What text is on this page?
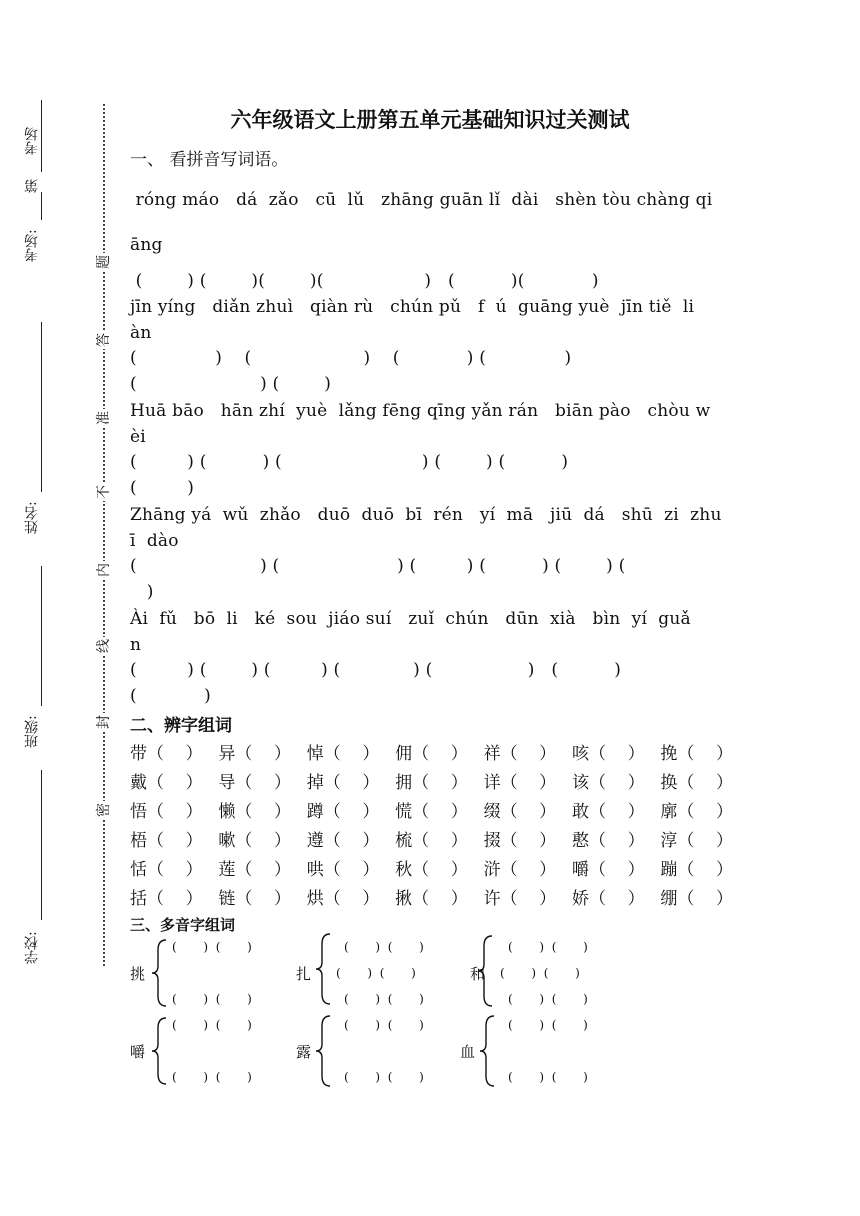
考场
第
考场:
姓名:
班级:
学校:
题
答
准
不
内
线
封
密
六年级语文上册第五单元基础知识过关测试
一、 看拼音写词语。
róng máo   dá  zǎo   cū  lǔ   zhāng guān lǐ  dài   shèn tòu chàng qi
āng
(        ) (        )(        )(                  )   (          )(            )
jīn yíng   diǎn zhuì   qiàn rù   chún pǔ   f  ú  guāng yuè  jīn tiě  li
àn
(              )    (                    )    (            ) (              )
(                      ) (        )
Huā bāo   hān zhí  yuè  lǎng fēng qīng yǎn rán   biān pào   chòu w
èi
(         ) (          ) (                         ) (        ) (          )
(         )
Zhāng yá  wǔ  zhǎo   duō  duō  bī  rén   yí  mā   jiū  dá   shū  zi  zhu
ī  dào
(                      ) (                     ) (         ) (          ) (        ) (
)
Ài  fǔ   bō  li   ké  sou  jiáo suí   zuǐ  chún   dūn  xià   bìn  yí  guǎ
n
(         ) (        ) (         ) (             ) (                 )   (          )
(            )
二、辨字组词
带（    ） 异（    ） 悼（    ） 佣（    ） 祥（    ） 咳（    ） 挽（    ）
戴（    ） 导（    ） 掉（    ） 拥（    ） 详（    ） 该（    ） 换（    ）
悟（    ） 懒（    ） 蹲（    ） 慌（    ） 缀（    ） 敢（    ） 廓（    ）
梧（    ） 嗽（    ） 遵（    ） 梳（    ） 掇（    ） 憨（    ） 淳（    ）
恬（    ） 莲（    ） 哄（    ） 秋（    ） 浒（    ） 嚼（    ） 蹦（    ）
括（    ） 链（    ） 烘（    ） 揪（    ） 许（    ） 娇（    ） 绷（    ）
三、多音字组词
挑
(       )  (       )
(       )  (       )
扎
(       )  (       )
(       )  (       )
(       )  (       )
和
(       )  (       )
(       )  (       )
(       )  (       )
嚼
(       )  (       )
(       )  (       )
露
(       )  (       )
(       )  (       )
血
(       )  (       )
(       )  (       )
